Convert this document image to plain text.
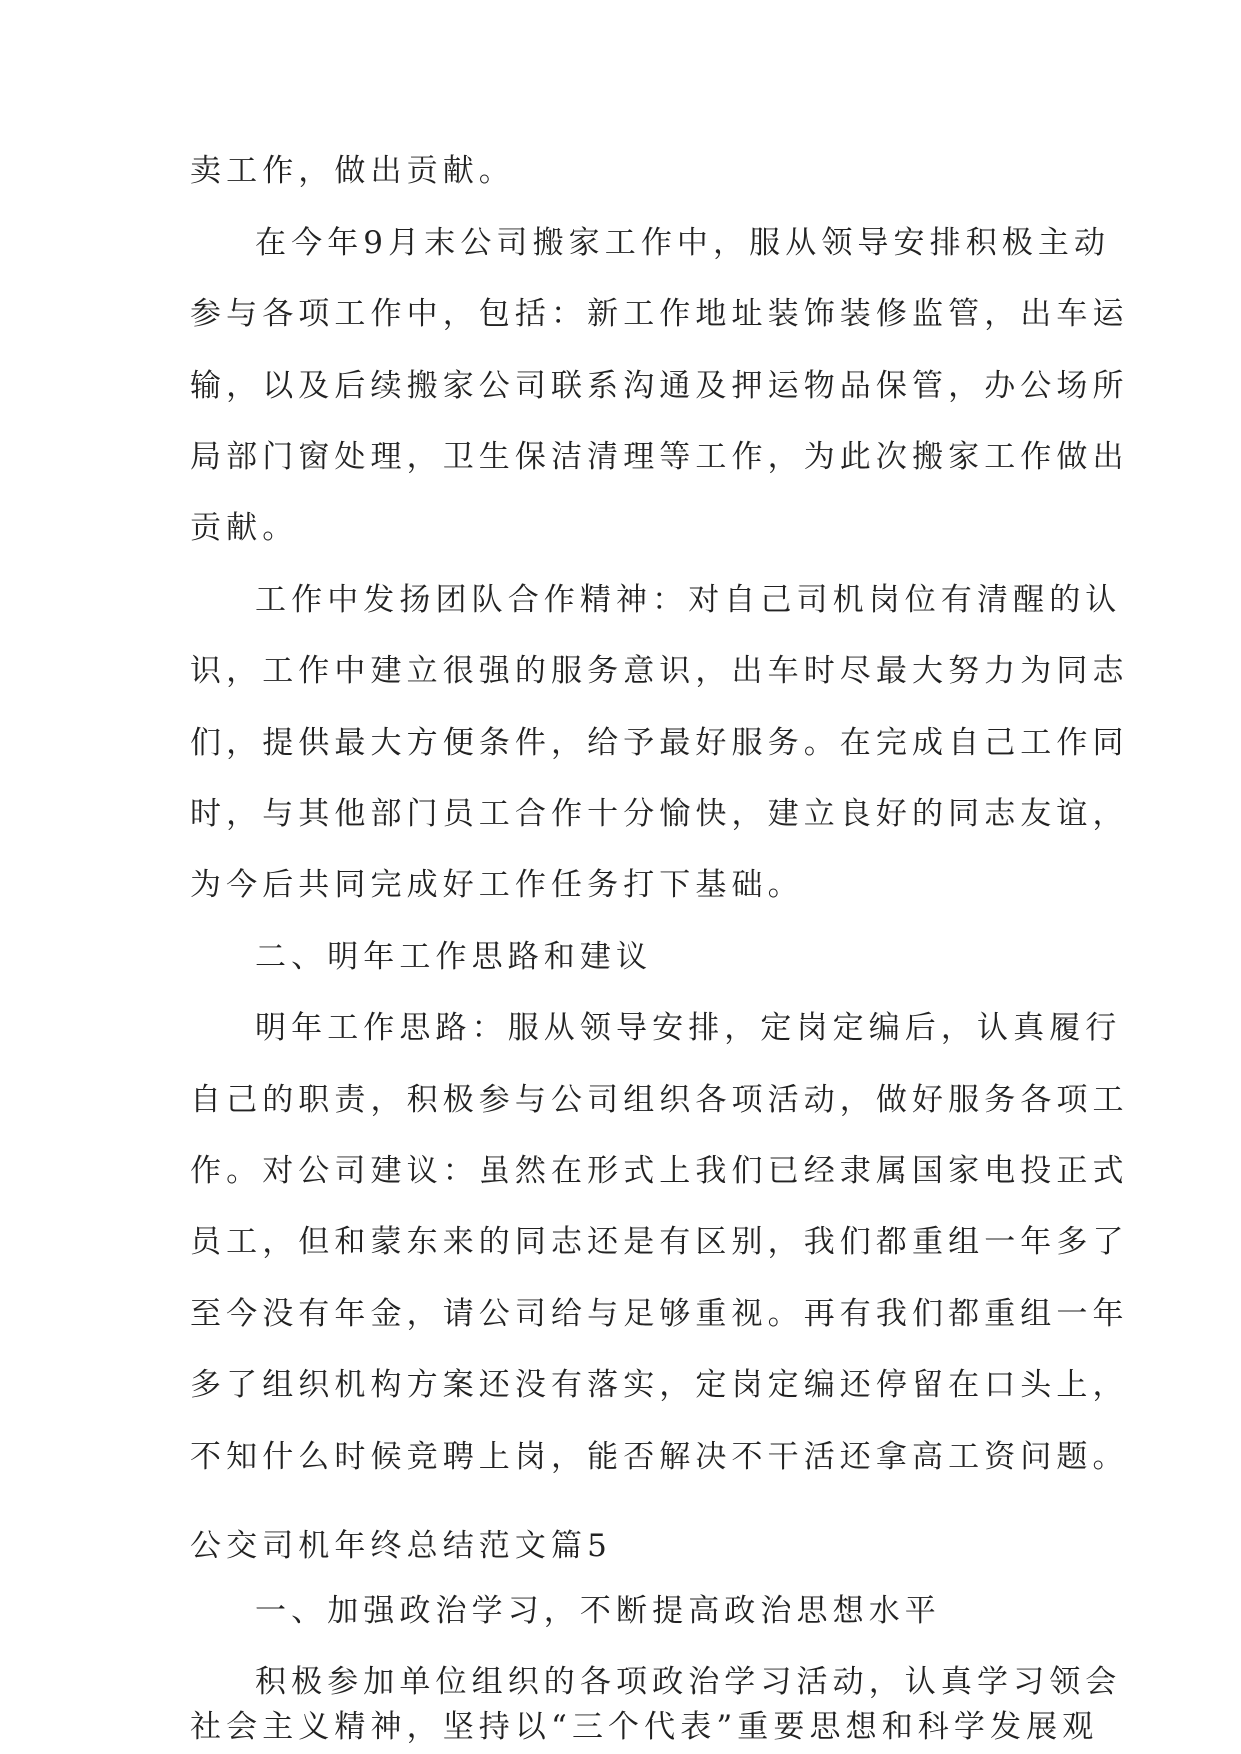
卖工作，做出贡献。
在今年9月末公司搬家工作中，服从领导安排积极主动
参与各项工作中，包括：新工作地址装饰装修监管，出车运
输，以及后续搬家公司联系沟通及押运物品保管，办公场所
局部门窗处理，卫生保洁清理等工作，为此次搬家工作做出
贡献。
工作中发扬团队合作精神：对自己司机岗位有清醒的认
识，工作中建立很强的服务意识，出车时尽最大努力为同志
们，提供最大方便条件，给予最好服务。在完成自己工作同
时，与其他部门员工合作十分愉快，建立良好的同志友谊，
为今后共同完成好工作任务打下基础。
二、明年工作思路和建议
明年工作思路：服从领导安排，定岗定编后，认真履行
自己的职责，积极参与公司组织各项活动，做好服务各项工
作。对公司建议：虽然在形式上我们已经隶属国家电投正式
员工，但和蒙东来的同志还是有区别，我们都重组一年多了
至今没有年金，请公司给与足够重视。再有我们都重组一年
多了组织机构方案还没有落实，定岗定编还停留在口头上，
不知什么时候竞聘上岗，能否解决不干活还拿高工资问题。
公交司机年终总结范文篇5
一、加强政治学习，不断提高政治思想水平
积极参加单位组织的各项政治学习活动，认真学习领会
社会主义精神，坚持以“三个代表”重要思想和科学发展观
